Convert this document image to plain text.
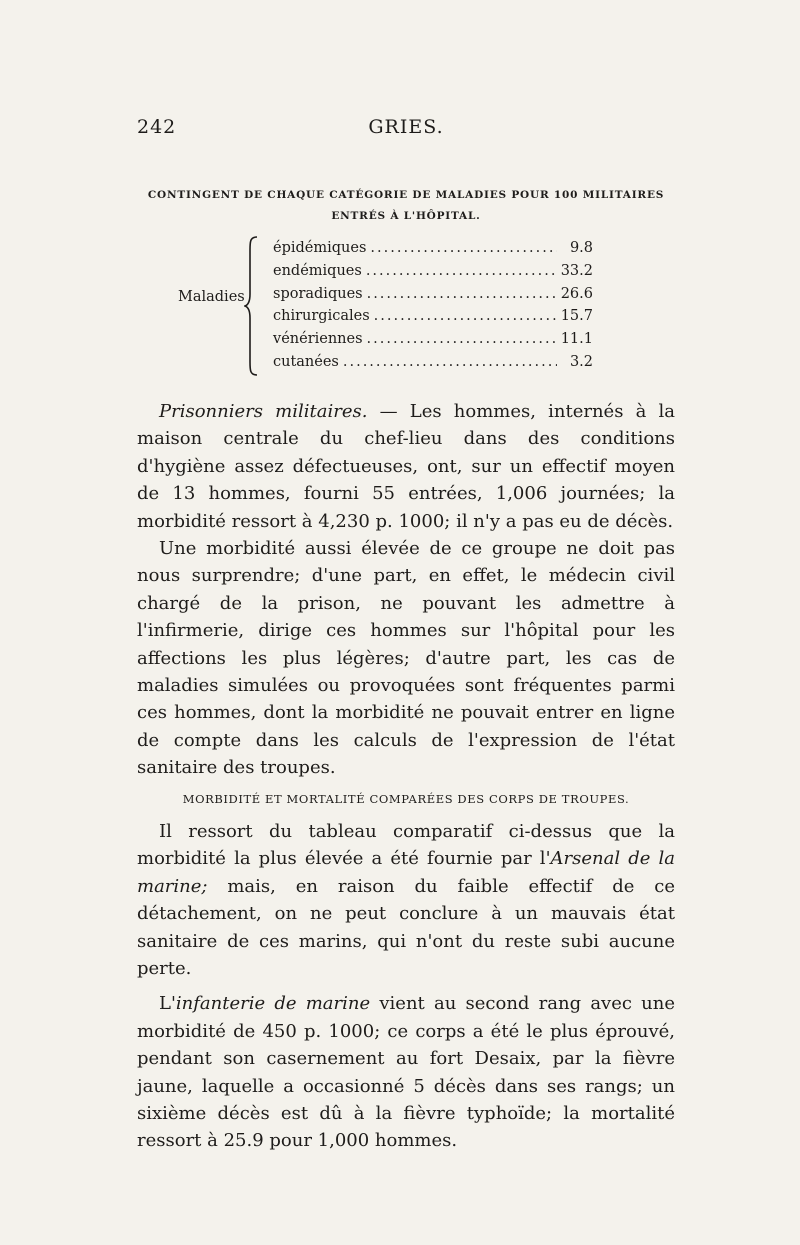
242	GRIES.
CONTINGENT DE CHAQUE CATÉGORIE DE MALADIES POUR 100 MILITAIRES
ENTRÉS À L'HÔPITAL.
Maladies
épidémiques .....	9.8
endémiques .....	33.2
sporadiques .....	26.6
chirurgicales .....	15.7
vénériennes .....	11.1
cutanées .....	3.2

Prisonniers militaires. — Les hommes, internés à la maison centrale du chef-lieu dans des conditions d'hygiène assez défectueuses, ont, sur un effectif moyen de 13 hommes, fourni 55 entrées, 1,006 journées; la morbidité ressort à 4,230 p. 1000; il n'y a pas eu de décès.

Une morbidité aussi élevée de ce groupe ne doit pas nous surprendre; d'une part, en effet, le médecin civil chargé de la prison, ne pouvant les admettre à l'infirmerie, dirige ces hommes sur l'hôpital pour les affections les plus légères; d'autre part, les cas de maladies simulées ou provoquées sont fréquentes parmi ces hommes, dont la morbidité ne pouvait entrer en ligne de compte dans les calculs de l'expression de l'état sanitaire des troupes.

MORBIDITÉ ET MORTALITÉ COMPARÉES DES CORPS DE TROUPES.

Il ressort du tableau comparatif ci-dessus que la morbidité la plus élevée a été fournie par l'Arsenal de la marine; mais, en raison du faible effectif de ce détachement, on ne peut conclure à un mauvais état sanitaire de ces marins, qui n'ont du reste subi aucune perte.

L'infanterie de marine vient au second rang avec une morbidité de 450 p. 1000; ce corps a été le plus éprouvé, pendant son casernement au fort Desaix, par la fièvre jaune, laquelle a occasionné 5 décès dans ses rangs; un sixième décès est dû à la fièvre typhoïde; la mortalité ressort à 25.9 pour 1,000 hommes.
